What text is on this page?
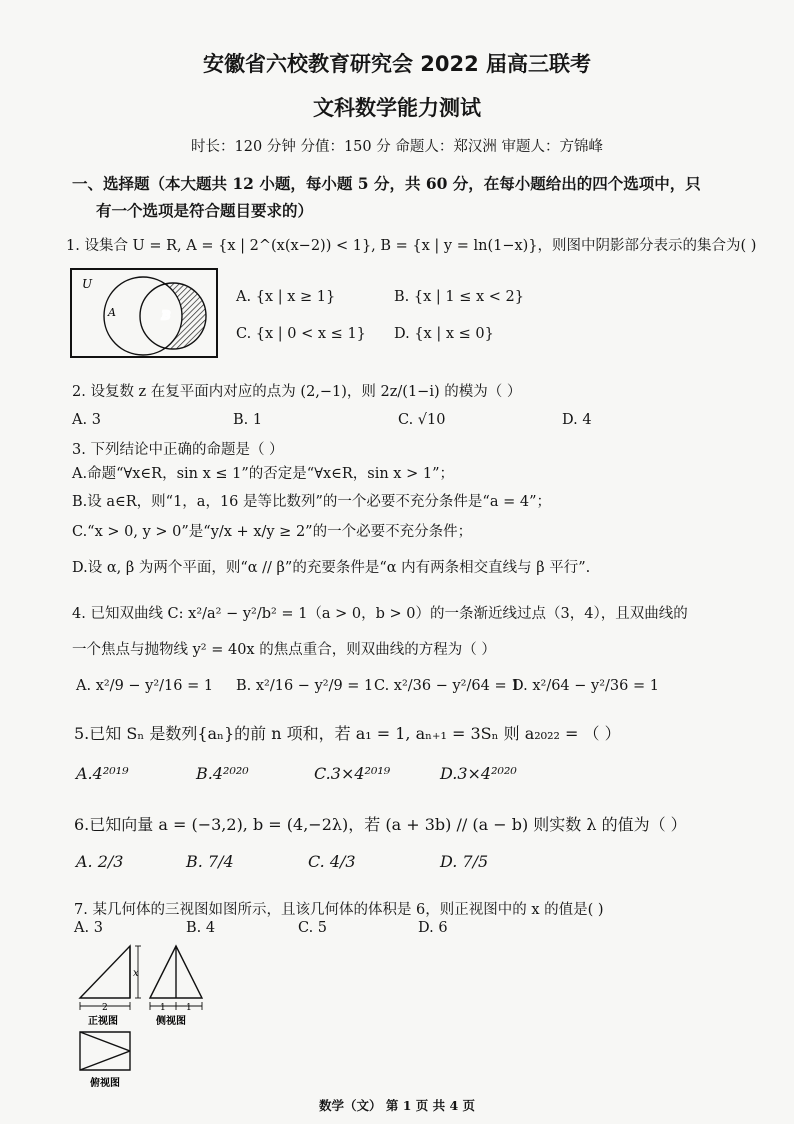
安徽省六校教育研究会 2022 届高三联考
文科数学能力测试
时长：120 分钟 分值：150 分 命题人：郑汉洲 审题人：方锦峰
一、选择题（本大题共 12 小题，每小题 5 分，共 60 分，在每小题给出的四个选项中，只
有一个选项是符合题目要求的）
1. 设集合 U = R, A = {x | 2^(x(x−2)) < 1}, B = {x | y = ln(1−x)}，则图中阴影部分表示的集合为( )
U
A	B
A. {x | x ≥ 1}	B. {x | 1 ≤ x < 2}
C. {x | 0 < x ≤ 1} D. {x | x ≤ 0}
2. 设复数 z 在复平面内对应的点为 (2,−1)，则 2z/(1−i) 的模为（ ）
A. 3	B. 1	C. √10	D. 4
3. 下列结论中正确的命题是（ ）
A.命题“∀x∈R，sin x ≤ 1”的否定是“∀x∈R，sin x > 1”；
B.设 a∈R，则“1，a，16 是等比数列”的一个必要不充分条件是“a = 4”；
C.“x > 0, y > 0”是“y/x + x/y ≥ 2”的一个必要不充分条件；
D.设 α, β 为两个平面，则“α // β”的充要条件是“α 内有两条相交直线与 β 平行”.
4. 已知双曲线 C: x²/a² − y²/b² = 1（a > 0，b > 0）的一条渐近线过点（3，4），且双曲线的
一个焦点与抛物线 y² = 40x 的焦点重合，则双曲线的方程为（ ）
A. x²/9 − y²/16 = 1 B. x²/16 − y²/9 = 1 C. x²/36 − y²/64 = 1
D. x²/64 − y²/36 = 1
5.已知 Sₙ 是数列{aₙ}的前 n 项和，若 a₁ = 1, aₙ₊₁ = 3Sₙ 则 a₂₀₂₂ = （ ）
A.4²⁰¹⁹	B.4²⁰²⁰	C.3×4²⁰¹⁹	D.3×4²⁰²⁰
6.已知向量 a = (−3,2), b = (4,−2λ)，若 (a + 3b) // (a − b) 则实数 λ 的值为（ ）
A. 2/3	B. 7/4	C. 4/3	D. 7/5
7. 某几何体的三视图如图所示，且该几何体的体积是 6，则正视图中的 x 的值是( )
A. 3	B. 4	C. 5	D. 6
x
2	1 1
正视图	侧视图
俯视图
数学（文） 第 1 页 共 4 页
